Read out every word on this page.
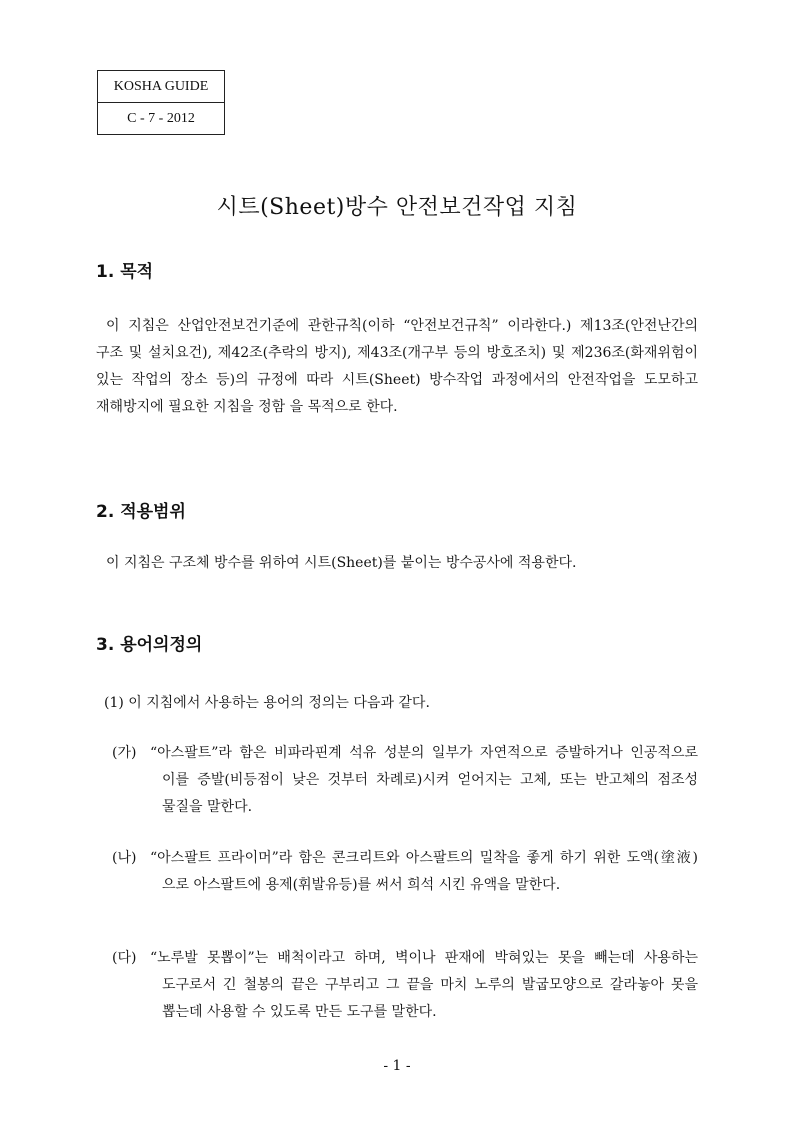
KOSHA GUIDE
C - 7 - 2012
시트(Sheet)방수 안전보건작업 지침
1. 목적

이 지침은 산업안전보건기준에 관한규칙(이하 “안전보건규칙” 이라한다.) 제13조(안전난간의 구조 및 설치요건), 제42조(추락의 방지), 제43조(개구부 등의 방호조치) 및 제236조(화재위험이 있는 작업의 장소 등)의 규정에 따라 시트(Sheet) 방수작업 과정에서의 안전작업을 도모하고 재해방지에 필요한 지침을 정함 을 목적으로 한다.

2. 적용범위

이 지침은 구조체 방수를 위하여 시트(Sheet)를 붙이는 방수공사에 적용한다.

3. 용어의정의

(1) 이 지침에서 사용하는 용어의 정의는 다음과 같다.

(가) “아스팔트”라 함은 비파라핀계 석유 성분의 일부가 자연적으로 증발하거나 인공적으로 이를 증발(비등점이 낮은 것부터 차례로)시켜 얻어지는 고체, 또는 반고체의 점조성 물질을 말한다.
(나) “아스팔트 프라이머”라 함은 콘크리트와 아스팔트의 밀착을 좋게 하기 위한 도액(塗液) 으로 아스팔트에 용제(휘발유등)를 써서 희석 시킨 유액을 말한다.
(다) “노루발 못뽑이”는 배척이라고 하며, 벽이나 판재에 박혀있는 못을 빼는데 사용하는 도구로서 긴 철봉의 끝은 구부리고 그 끝을 마치 노루의 발굽모양으로 갈라놓아 못을 뽑는데 사용할 수 있도록 만든 도구를 말한다.
- 1 -
